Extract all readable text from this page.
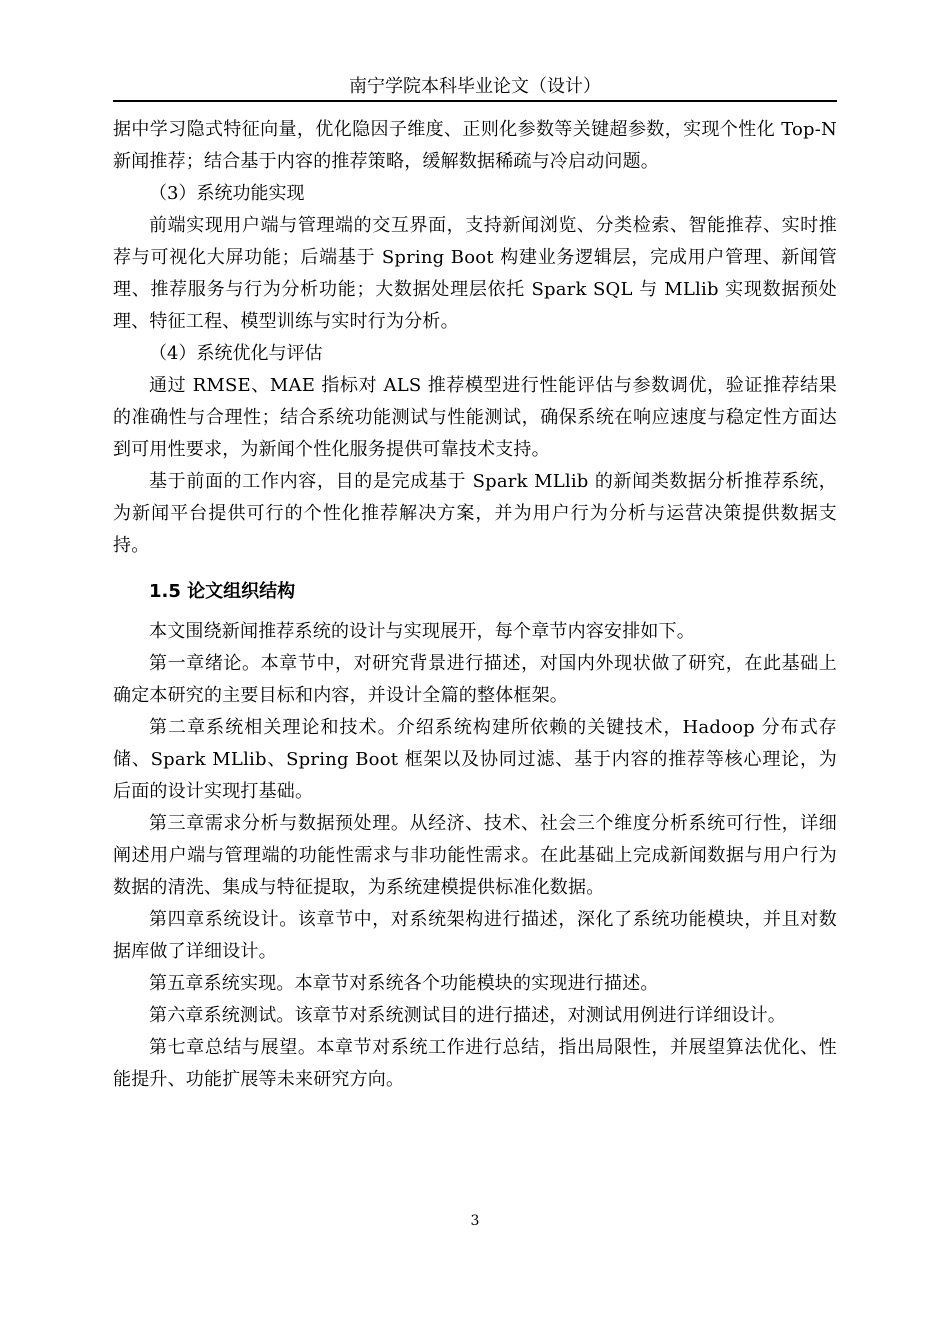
南宁学院本科毕业论文（设计）

据中学习隐式特征向量，优化隐因子维度、正则化参数等关键超参数，实现个性化 Top-N 新闻推荐；结合基于内容的推荐策略，缓解数据稀疏与冷启动问题。

（3）系统功能实现

前端实现用户端与管理端的交互界面，支持新闻浏览、分类检索、智能推荐、实时推荐与可视化大屏功能；后端基于 Spring Boot 构建业务逻辑层，完成用户管理、新闻管理、推荐服务与行为分析功能；大数据处理层依托 Spark SQL 与 MLlib 实现数据预处理、特征工程、模型训练与实时行为分析。

（4）系统优化与评估

通过 RMSE、MAE 指标对 ALS 推荐模型进行性能评估与参数调优，验证推荐结果的准确性与合理性；结合系统功能测试与性能测试，确保系统在响应速度与稳定性方面达到可用性要求，为新闻个性化服务提供可靠技术支持。

基于前面的工作内容，目的是完成基于 Spark MLlib 的新闻类数据分析推荐系统，为新闻平台提供可行的个性化推荐解决方案，并为用户行为分析与运营决策提供数据支持。

1.5 论文组织结构

本文围绕新闻推荐系统的设计与实现展开，每个章节内容安排如下。

第一章绪论。本章节中，对研究背景进行描述，对国内外现状做了研究，在此基础上确定本研究的主要目标和内容，并设计全篇的整体框架。

第二章系统相关理论和技术。介绍系统构建所依赖的关键技术，Hadoop 分布式存储、Spark MLlib、Spring Boot 框架以及协同过滤、基于内容的推荐等核心理论，为后面的设计实现打基础。

第三章需求分析与数据预处理。从经济、技术、社会三个维度分析系统可行性，详细阐述用户端与管理端的功能性需求与非功能性需求。在此基础上完成新闻数据与用户行为数据的清洗、集成与特征提取，为系统建模提供标准化数据。

第四章系统设计。该章节中，对系统架构进行描述，深化了系统功能模块，并且对数据库做了详细设计。

第五章系统实现。本章节对系统各个功能模块的实现进行描述。

第六章系统测试。该章节对系统测试目的进行描述，对测试用例进行详细设计。

第七章总结与展望。本章节对系统工作进行总结，指出局限性，并展望算法优化、性能提升、功能扩展等未来研究方向。

3
